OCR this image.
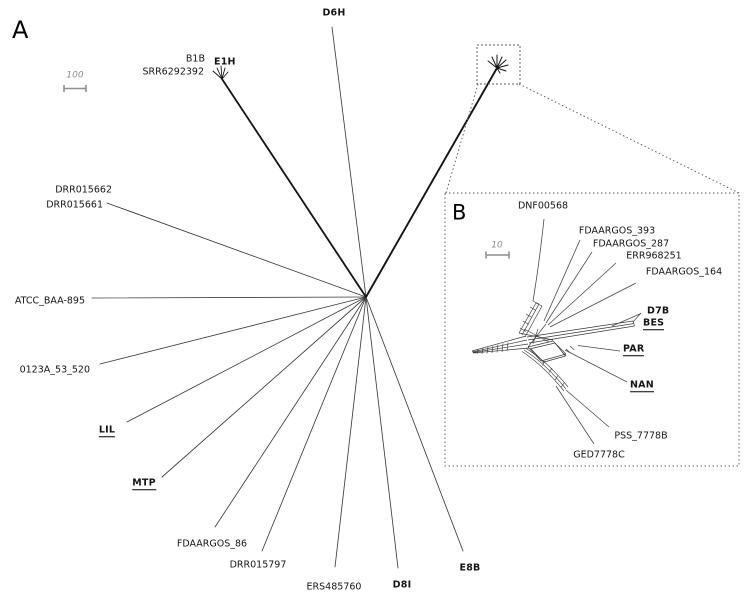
B1B E1H
SRR6292392
D6H
DRR015662
DRR015661
ATCC_BAA-895
0123A_53_520
LIL
MTP
FDAARGOS_86
DRR015797
ERS485760	D8I
E8B
DNF00568
FDAARGOS_393
FDAARGOS_287
ERR968251
FDAARGOS_164
D7B
BES
PAR
NAN
PSS_7778B
GED7778C
A
B
100
10
